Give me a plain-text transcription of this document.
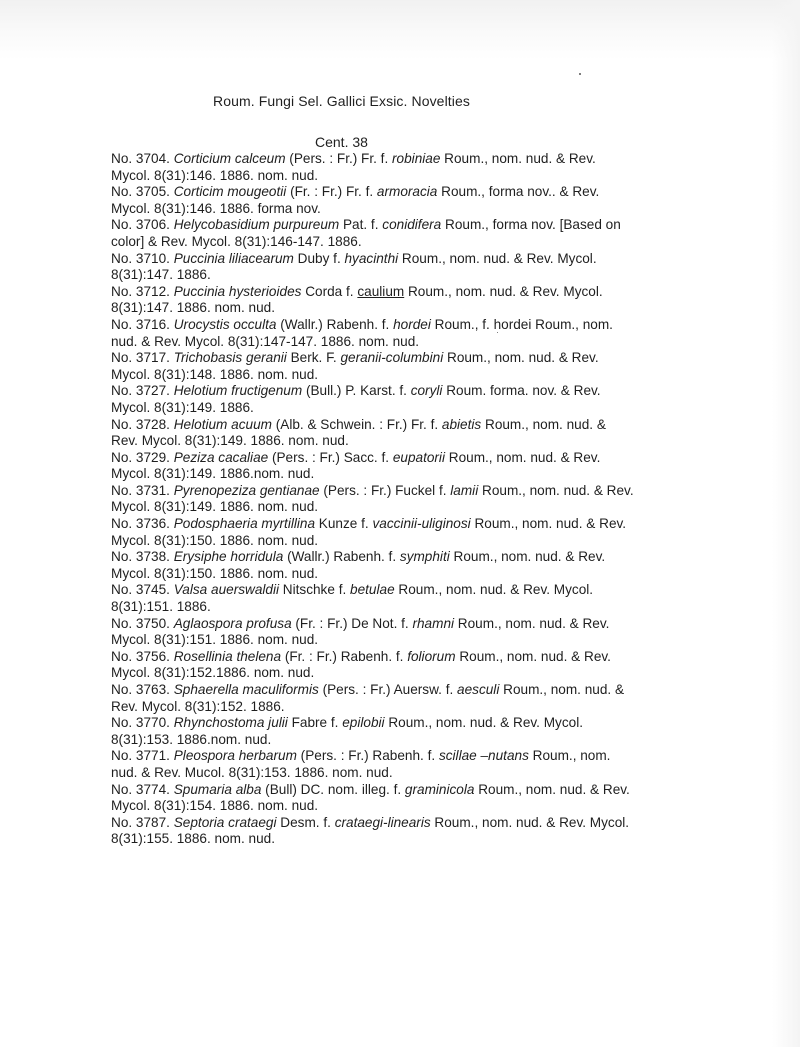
Roum. Fungi Sel. Gallici Exsic. Novelties
Cent. 38
No. 3704. Corticium calceum (Pers. : Fr.) Fr. f. robiniae Roum., nom. nud. & Rev.
Mycol. 8(31):146. 1886. nom. nud.
No. 3705. Corticim mougeotii (Fr. : Fr.) Fr. f. armoracia Roum., forma nov.. & Rev.
Mycol. 8(31):146. 1886. forma nov.
No. 3706. Helycobasidium purpureum Pat. f. conidifera Roum., forma nov. [Based on
color] & Rev. Mycol. 8(31):146-147. 1886.
No. 3710. Puccinia liliacearum Duby f. hyacinthi Roum., nom. nud. & Rev. Mycol.
8(31):147. 1886.
No. 3712. Puccinia hysterioides Corda f. caulium Roum., nom. nud. & Rev. Mycol.
8(31):147. 1886. nom. nud.
No. 3716. Urocystis occulta (Wallr.) Rabenh. f. hordei Roum., f. hordei Roum., nom.
nud. & Rev. Mycol. 8(31):147-147. 1886. nom. nud.
No. 3717. Trichobasis geranii Berk. F. geranii-columbini Roum., nom. nud. & Rev.
Mycol. 8(31):148. 1886. nom. nud.
No. 3727. Helotium fructigenum (Bull.) P. Karst. f. coryli Roum. forma. nov. & Rev.
Mycol. 8(31):149. 1886.
No. 3728. Helotium acuum (Alb. & Schwein. : Fr.) Fr. f. abietis Roum., nom. nud. &
Rev. Mycol. 8(31):149. 1886. nom. nud.
No. 3729. Peziza cacaliae (Pers. : Fr.) Sacc. f. eupatorii Roum., nom. nud. & Rev.
Mycol. 8(31):149. 1886.nom. nud.
No. 3731. Pyrenopeziza gentianae (Pers. : Fr.) Fuckel f. lamii Roum., nom. nud. & Rev.
Mycol. 8(31):149. 1886. nom. nud.
No. 3736. Podosphaeria myrtillina Kunze f. vaccinii-uliginosi Roum., nom. nud. & Rev.
Mycol. 8(31):150. 1886. nom. nud.
No. 3738. Erysiphe horridula (Wallr.) Rabenh. f. symphiti Roum., nom. nud. & Rev.
Mycol. 8(31):150. 1886. nom. nud.
No. 3745. Valsa auerswaldii Nitschke f. betulae Roum., nom. nud. & Rev. Mycol.
8(31):151. 1886.
No. 3750. Aglaospora profusa (Fr. : Fr.) De Not. f. rhamni Roum., nom. nud. & Rev.
Mycol. 8(31):151. 1886. nom. nud.
No. 3756. Rosellinia thelena (Fr. : Fr.) Rabenh. f. foliorum Roum., nom. nud. & Rev.
Mycol. 8(31):152.1886. nom. nud.
No. 3763. Sphaerella maculiformis (Pers. : Fr.) Auersw. f. aesculi Roum., nom. nud. &
Rev. Mycol. 8(31):152. 1886.
No. 3770. Rhynchostoma julii Fabre f. epilobii Roum., nom. nud. & Rev. Mycol.
8(31):153. 1886.nom. nud.
No. 3771. Pleospora herbarum (Pers. : Fr.) Rabenh. f. scillae –nutans Roum., nom.
nud. & Rev. Mucol. 8(31):153. 1886. nom. nud.
No. 3774. Spumaria alba (Bull) DC. nom. illeg. f. graminicola Roum., nom. nud. & Rev.
Mycol. 8(31):154. 1886. nom. nud.
No. 3787. Septoria crataegi Desm. f. crataegi-linearis Roum., nom. nud. & Rev. Mycol.
8(31):155. 1886. nom. nud.
